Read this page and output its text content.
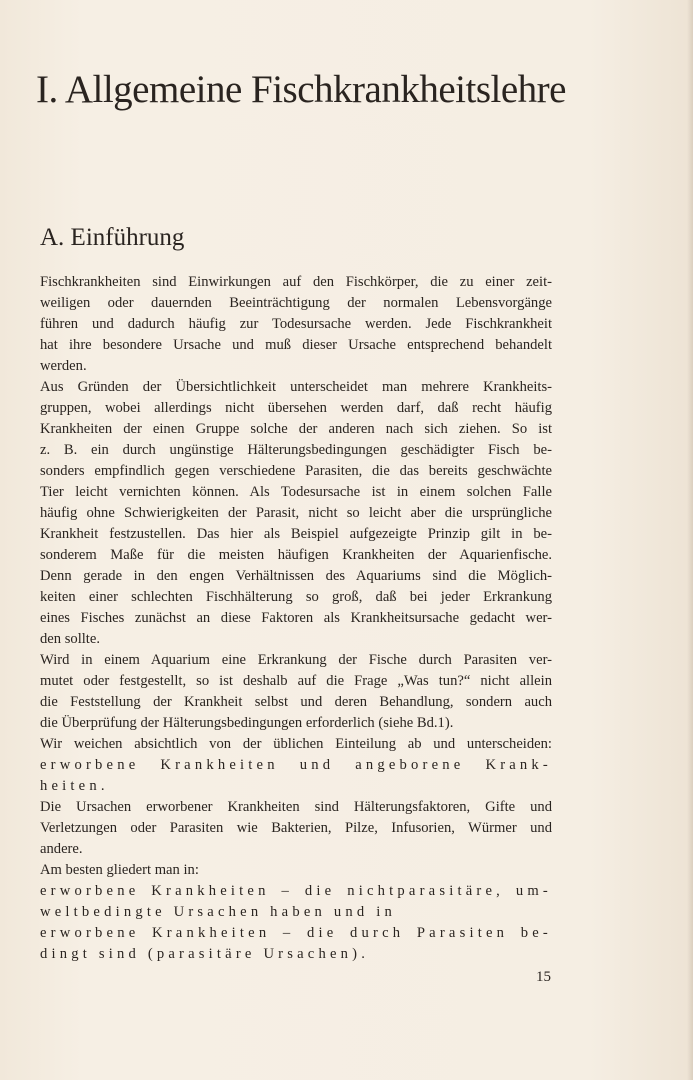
I. Allgemeine Fischkrankheitslehre
A. Einführung
Fischkrankheiten sind Einwirkungen auf den Fischkörper, die zu einer zeit-
weiligen oder dauernden Beeinträchtigung der normalen Lebensvorgänge
führen und dadurch häufig zur Todesursache werden. Jede Fischkrankheit
hat ihre besondere Ursache und muß dieser Ursache entsprechend behandelt
werden.
Aus Gründen der Übersichtlichkeit unterscheidet man mehrere Krankheits-
gruppen, wobei allerdings nicht übersehen werden darf, daß recht häufig
Krankheiten der einen Gruppe solche der anderen nach sich ziehen. So ist
z. B. ein durch ungünstige Hälterungsbedingungen geschädigter Fisch be-
sonders empfindlich gegen verschiedene Parasiten, die das bereits geschwächte
Tier leicht vernichten können. Als Todesursache ist in einem solchen Falle
häufig ohne Schwierigkeiten der Parasit, nicht so leicht aber die ursprüngliche
Krankheit festzustellen. Das hier als Beispiel aufgezeigte Prinzip gilt in be-
sonderem Maße für die meisten häufigen Krankheiten der Aquarienfische.
Denn gerade in den engen Verhältnissen des Aquariums sind die Möglich-
keiten einer schlechten Fischhälterung so groß, daß bei jeder Erkrankung
eines Fisches zunächst an diese Faktoren als Krankheitsursache gedacht wer-
den sollte.
Wird in einem Aquarium eine Erkrankung der Fische durch Parasiten ver-
mutet oder festgestellt, so ist deshalb auf die Frage „Was tun?“ nicht allein
die Feststellung der Krankheit selbst und deren Behandlung, sondern auch
die Überprüfung der Hälterungsbedingungen erforderlich (siehe Bd.1).
Wir weichen absichtlich von der üblichen Einteilung ab und unterscheiden:
erworbene Krankheiten und angeborene Krank-
heiten.
Die Ursachen erworbener Krankheiten sind Hälterungsfaktoren, Gifte und
Verletzungen oder Parasiten wie Bakterien, Pilze, Infusorien, Würmer und
andere.
Am besten gliedert man in:
erworbene Krankheiten – die nichtparasitäre, um-
weltbedingte Ursachen haben und in
erworbene Krankheiten – die durch Parasiten be-
dingt sind (parasitäre Ursachen).
15
